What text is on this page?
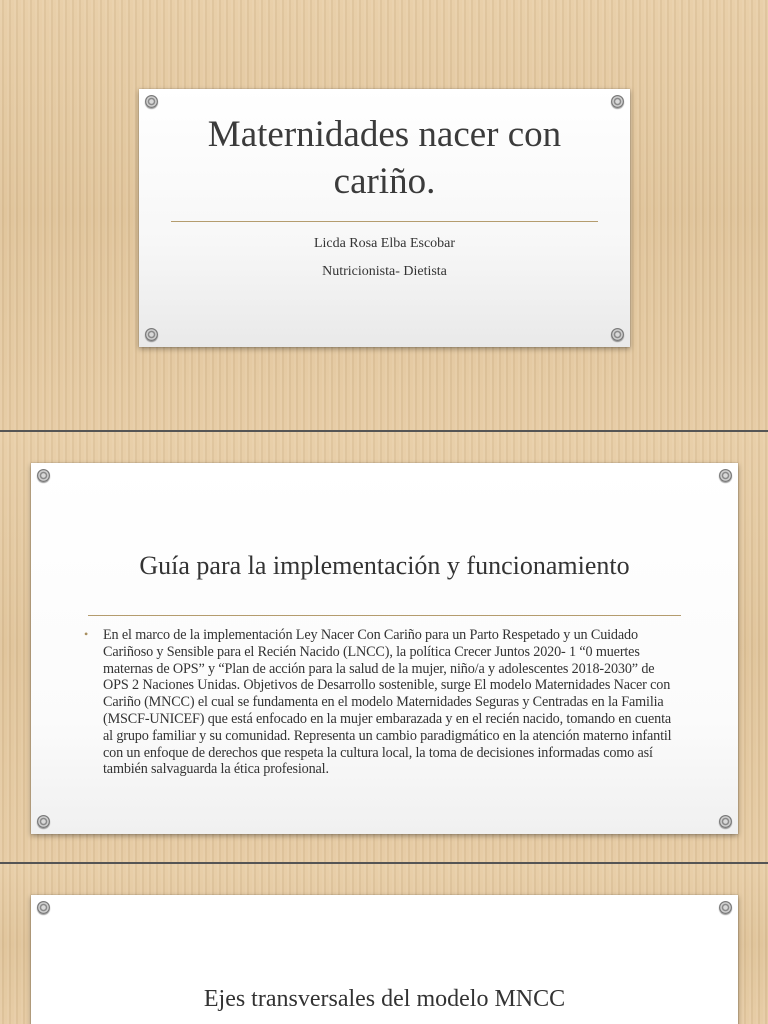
Maternidades nacer con cariño.
Licda Rosa Elba Escobar
Nutricionista- Dietista
Guía para la implementación y funcionamiento
• En el marco de la implementación Ley Nacer Con Cariño para un Parto Respetado y un Cuidado Cariñoso y Sensible para el Recién Nacido (LNCC), la política Crecer Juntos 2020- 1 “0 muertes maternas de OPS” y “Plan de acción para la salud de la mujer, niño/a y adolescentes 2018-2030” de OPS 2 Naciones Unidas. Objetivos de Desarrollo sostenible, surge El modelo Maternidades Nacer con Cariño (MNCC) el cual se fundamenta en el modelo Maternidades Seguras y Centradas en la Familia (MSCF-UNICEF) que está enfocado en la mujer embarazada y en el recién nacido, tomando en cuenta al grupo familiar y su comunidad. Representa un cambio paradigmático en la atención materno infantil con un enfoque de derechos que respeta la cultura local, la toma de decisiones informadas como así también salvaguarda la ética profesional.
Ejes transversales del modelo MNCC
